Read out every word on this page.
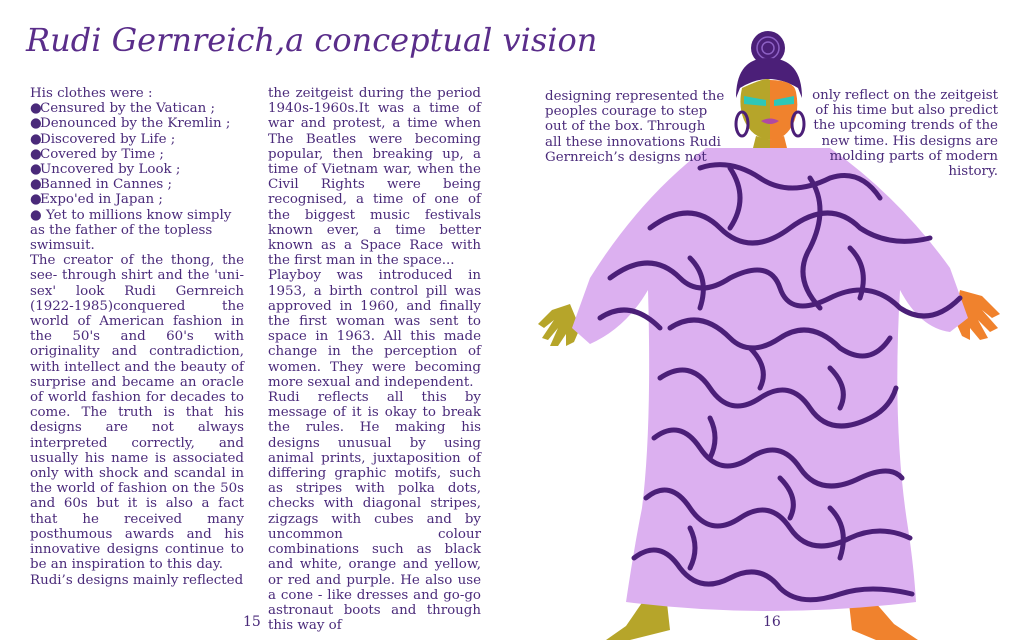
Rudi Gernreich,a conceptual vision
His clothes were :
●
Censured by the Vatican ;
●
Denounced by the Kremlin ;
●
Discovered by Life ;
●
Covered by Time ;
●
Uncovered by Look ;
●
Banned in Cannes ;
●
Expo'ed in Japan ;
● Yet to millions know simply as the father of the topless swimsuit.

The creator of the thong, the see- through shirt and the 'uni-sex' look Rudi Gernreich (1922-1985)conquered the world of American fashion in the 50's and 60's with originality and contradiction, with intellect and the beauty of surprise and became an oracle of world fashion for decades to come. The truth is that his designs are not always interpreted correctly, and usually his name is associated only with shock and scandal in the world of fashion on the 50s and 60s but it is also a fact that he received many posthumous awards and his innovative designs continue to be an inspiration to this day.

Rudi’s designs mainly reflected

the zeitgeist during the period 1940s-1960s.It was a time of war and protest, a time when The Beatles were becoming popular, then breaking up, a time of Vietnam war, when the Civil Rights were being recognised, a time of one of the biggest music festivals known ever, a time better known as a Space Race with the first man in the space...
Playboy was introduced in 1953, a birth control pill was approved in 1960, and finally the first woman was sent to space in 1963. All this made change in the perception of women. They were becoming more sexual and independent.
Rudi reflects all this by message of it is okay to break the rules. He making his designs unusual by using animal prints, juxtaposition of differing graphic motifs, such as stripes with polka dots, checks with diagonal stripes, zigzags with cubes and by uncommon colour combinations such as black and white, orange and yellow, or red and purple. He also use a cone - like dresses and go-go astronaut boots and through this way of
15
designing represented the peoples courage to step out of the box. Through all these innovations Rudi Gernreich’s designs not
only reflect on the zeitgeist of his time but also predict the upcoming trends of the new time. His designs are molding parts of modern history.
16
